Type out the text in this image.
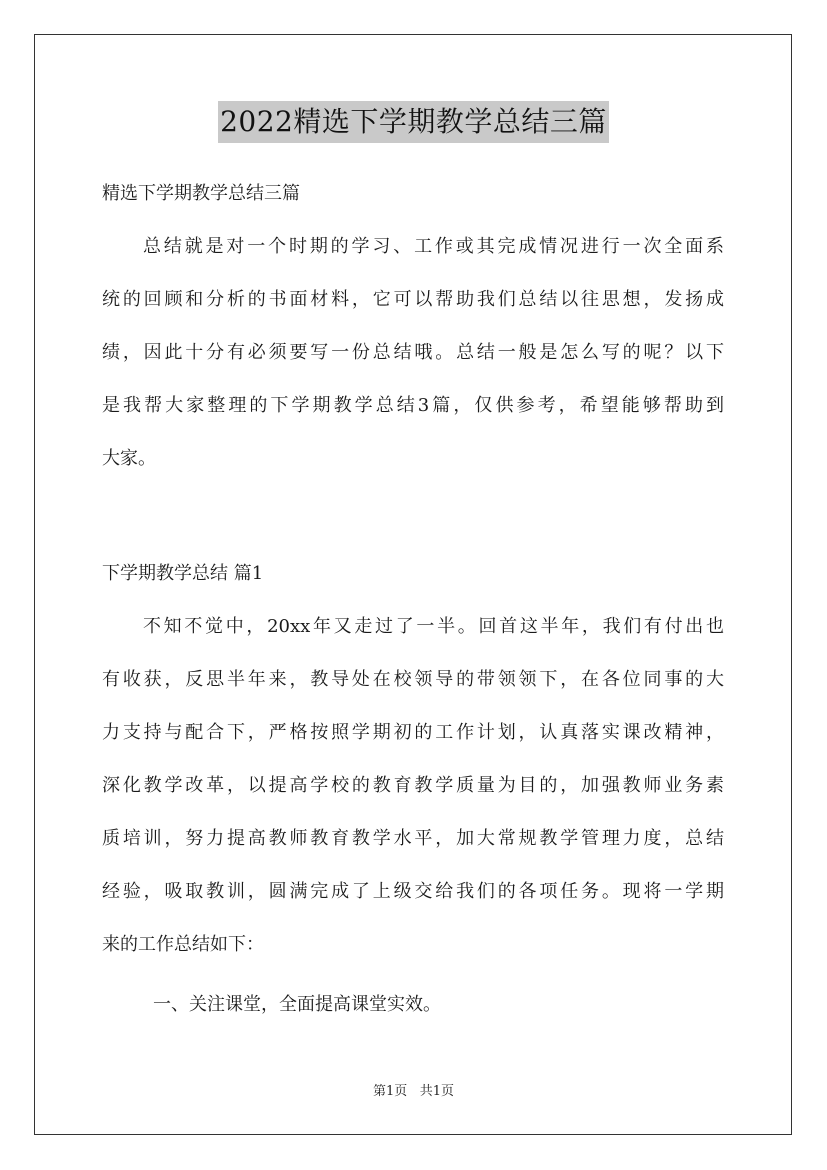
2022精选下学期教学总结三篇
精选下学期教学总结三篇
总结就是对一个时期的学习、工作或其完成情况进行一次全面系
统的回顾和分析的书面材料，它可以帮助我们总结以往思想，发扬成
绩，因此十分有必须要写一份总结哦。总结一般是怎么写的呢？以下
是我帮大家整理的下学期教学总结3篇，仅供参考，希望能够帮助到
大家。
下学期教学总结 篇1
不知不觉中，20xx年又走过了一半。回首这半年，我们有付出也
有收获，反思半年来，教导处在校领导的带领领下，在各位同事的大
力支持与配合下，严格按照学期初的工作计划，认真落实课改精神，
深化教学改革，以提高学校的教育教学质量为目的，加强教师业务素
质培训，努力提高教师教育教学水平，加大常规教学管理力度，总结
经验，吸取教训，圆满完成了上级交给我们的各项任务。现将一学期
来的工作总结如下：
一、关注课堂，全面提高课堂实效。
第1页 共1页
